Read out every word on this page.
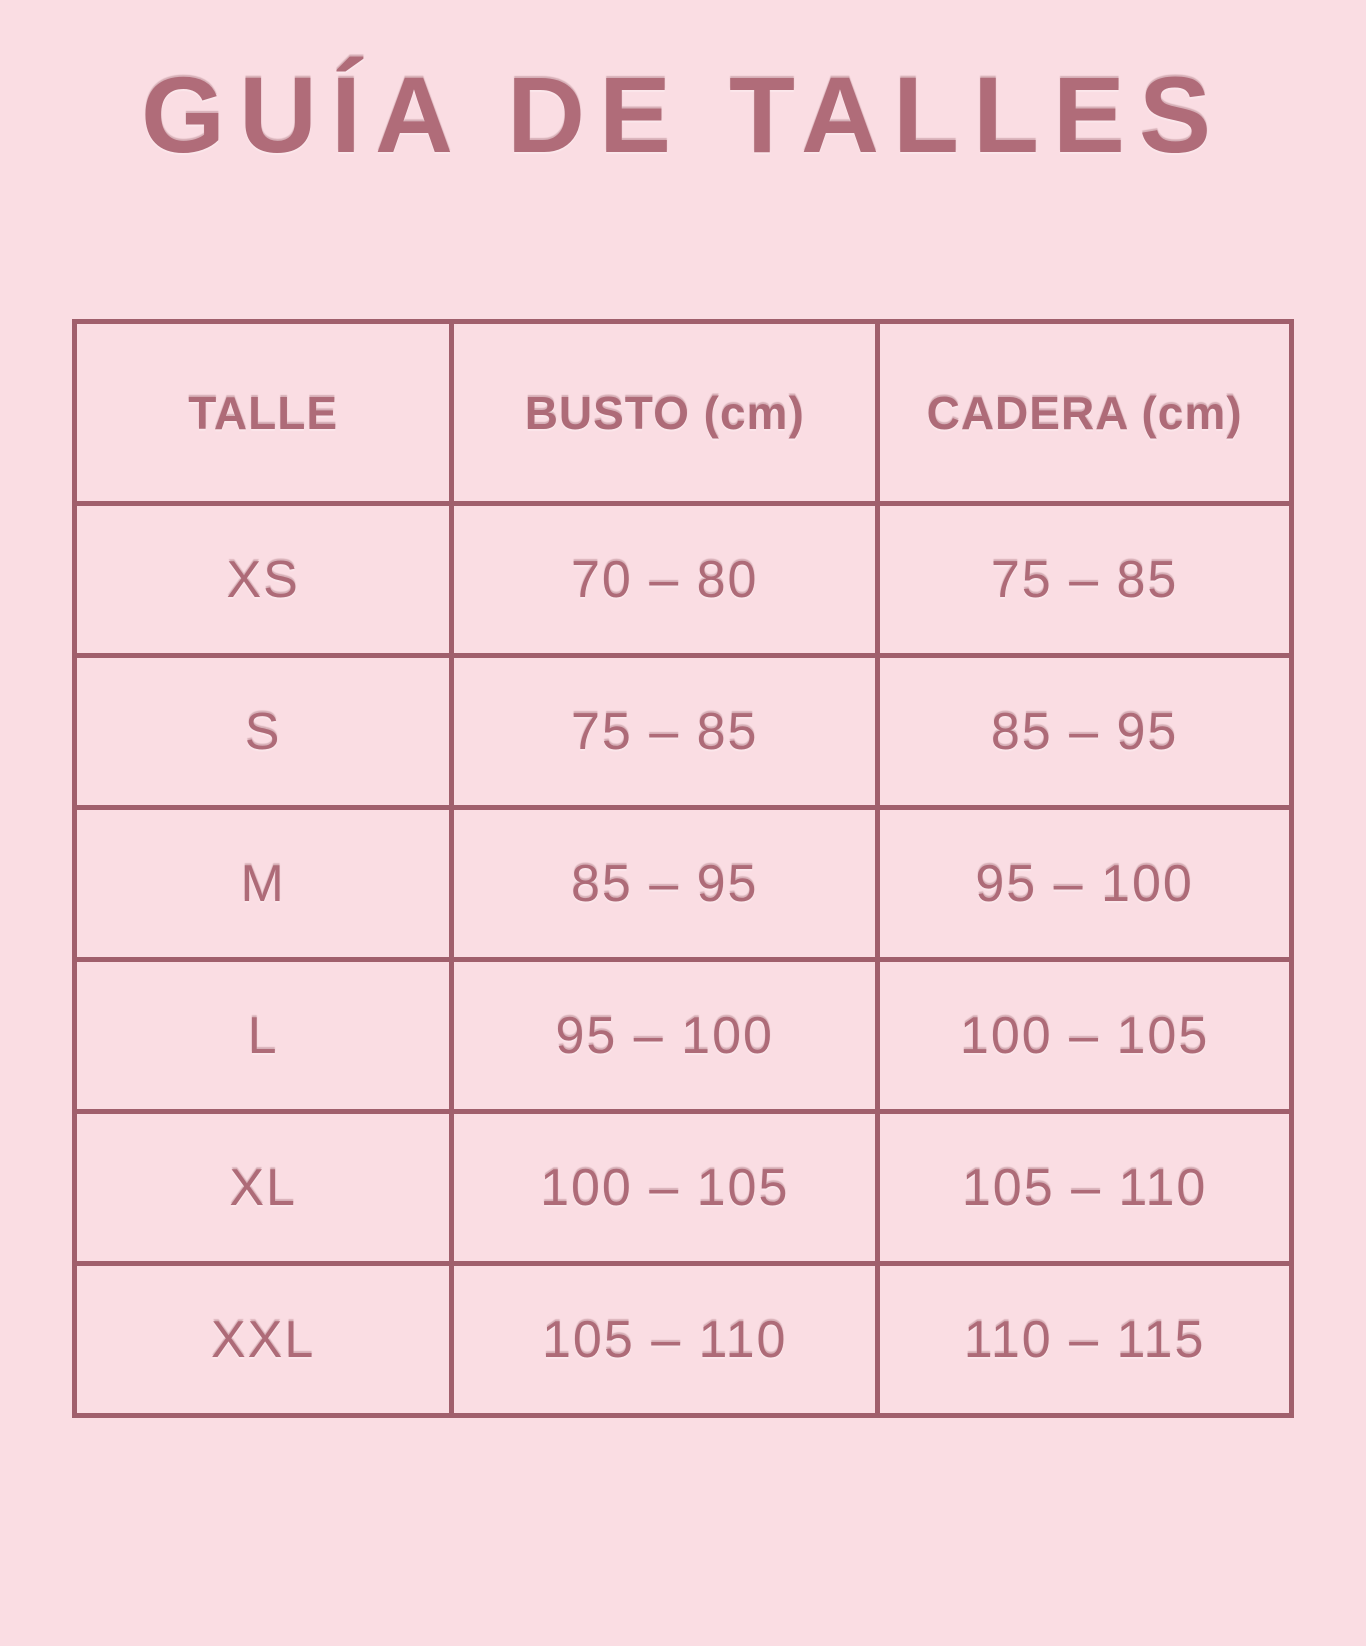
GUÍA DE TALLES
TALLE	BUSTO (cm)	CADERA (cm)
XS	70 – 80	75 – 85
S	75 – 85	85 – 95
M	85 – 95	95 – 100
L	95 – 100	100 – 105
XL	100 – 105	105 – 110
XXL	105 – 110	110 – 115
